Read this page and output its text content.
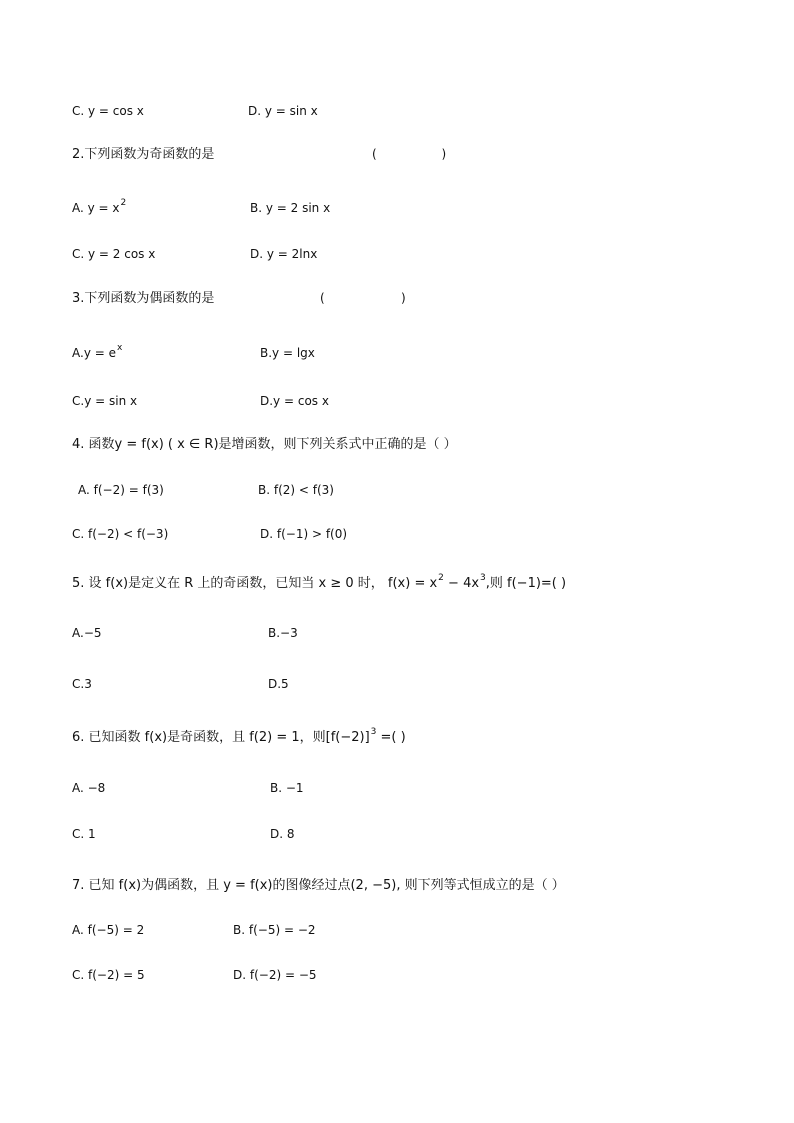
C. y = cos x	D. y = sin x
2.下列函数为奇函数的是	(                 )
A. $y = x^2$	B. y = 2 sin x
C. y = 2 cos x	D. y = 2lnx
3.下列函数为偶函数的是	(                    )
$A.y = e^x$	B.y = lgx
C.y = sin x	D.y = cos x
4. 函数y = f(x) ( x ∈ R)是增函数，则下列关系式中正确的是（ ）
A. f(−2) = f(3)	B. f(2) < f(3)
C. f(−2) < f(−3)	D. f(−1) > f(0)
5. 设 f(x)是定义在 R 上的奇函数，已知当 x ≥ 0 时， $f(x) = x^2 - 4x^3$,则 f(−1)=( )
A.−5	B.−3
C.3	D.5
6. 已知函数 f(x)是奇函数，且 f(2) = 1，则$[f(-2)]^3$ =( )
A. −8	B. −1
C. 1	D. 8
7. 已知 f(x)为偶函数，且 y = f(x)的图像经过点(2, −5), 则下列等式恒成立的是（ ）
A. f(−5) = 2	B. f(−5) = −2
C. f(−2) = 5	D. f(−2) = −5
